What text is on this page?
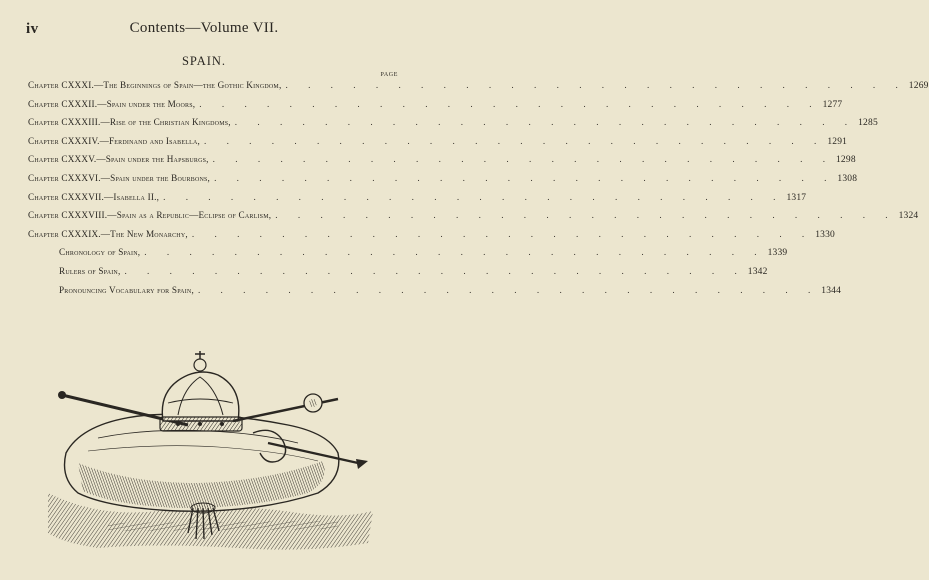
iv	Contents—Volume VII.
SPAIN.
PAGE
Chapter CXXXI.—The Beginnings of Spain—the Gothic Kingdom, . . . . . . . . . . . . . . . . . . . . . . . . . . . . 1269
Chapter CXXXII.—Spain under the Moors, . . . . . . . . . . . . . . . . . . . . . . . . . . . . 1277
Chapter CXXXIII.—Rise of the Christian Kingdoms, . . . . . . . . . . . . . . . . . . . . . . . . . . . . 1285
Chapter CXXXIV.—Ferdinand and Isabella, . . . . . . . . . . . . . . . . . . . . . . . . . . . . 1291
Chapter CXXXV.—Spain under the Hapsburgs, . . . . . . . . . . . . . . . . . . . . . . . . . . . . 1298
Chapter CXXXVI.—Spain under the Bourbons, . . . . . . . . . . . . . . . . . . . . . . . . . . . . 1308
Chapter CXXXVII.—Isabella II., . . . . . . . . . . . . . . . . . . . . . . . . . . . . 1317
Chapter CXXXVIII.—Spain as a Republic—Eclipse of Carlism, . . . . . . . . . . . . . . . . . . . . . . . . . . . . 1324
Chapter CXXXIX.—The New Monarchy, . . . . . . . . . . . . . . . . . . . . . . . . . . . . 1330
Chronology of Spain, . . . . . . . . . . . . . . . . . . . . . . . . . . . . 1339
Rulers of Spain, . . . . . . . . . . . . . . . . . . . . . . . . . . . . 1342
Pronouncing Vocabulary for Spain, . . . . . . . . . . . . . . . . . . . . . . . . . . . . 1344
